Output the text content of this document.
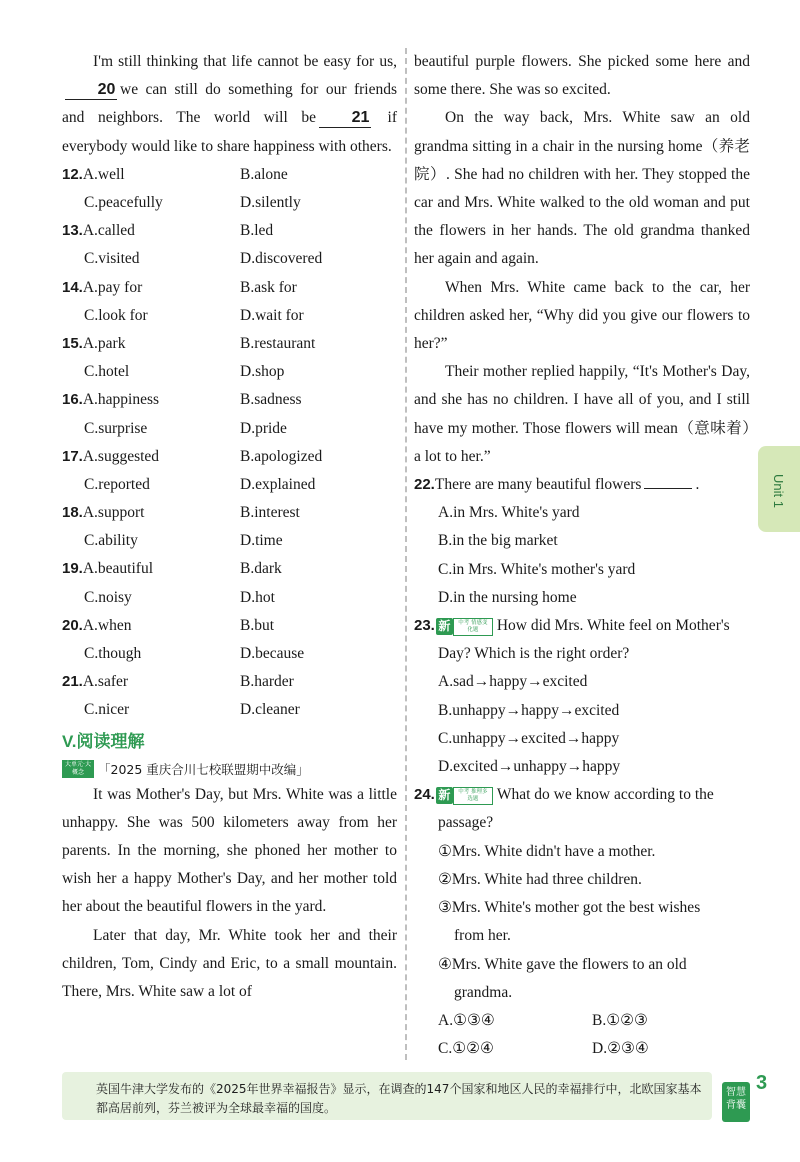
I'm still thinking that life cannot be easy for us,20 we can still do something for our friends and neighbors. The world will be 21 if everybody would like to share happiness with others.

12.A.well	B.alone
C.peacefully	D.silently
13.A.called	B.led
C.visited	D.discovered
14.A.pay for	B.ask for
C.look for	D.wait for
15.A.park	B.restaurant
C.hotel	D.shop
16.A.happiness	B.sadness
C.surprise	D.pride
17.A.suggested	B.apologized
C.reported	D.explained
18.A.support	B.interest
C.ability	D.time
19.A.beautiful	B.dark
C.noisy	D.hot
20.A.when	B.but
C.though	D.because
21.A.safer	B.harder
C.nicer	D.cleaner
V.阅读理解
大单元·大概念	「2025 重庆合川七校联盟期中改编」

It was Mother's Day, but Mrs. White was a little unhappy. She was 500 kilometers away from her parents. In the morning, she phoned her mother to wish her a happy Mother's Day, and her mother told her about the beautiful flowers in the yard.

Later that day, Mr. White took her and their children, Tom, Cindy and Eric, to a small mountain. There, Mrs. White saw a lot of

beautiful purple flowers. She picked some here and some there. She was so excited.

On the way back, Mrs. White saw an old grandma sitting in a chair in the nursing home（养老院）. She had no children with her. They stopped the car and Mrs. White walked to the old woman and put the flowers in her hands. The old grandma thanked her again and again.

When Mrs. White came back to the car, her children asked her, “Why did you give our flowers to her?”

Their mother replied happily, “It's Mother's Day, and she has no children. I have all of you, and I still have my mother. Those flowers will mean（意味着）a lot to her.”

22.There are many beautiful flowers	.
A.in Mrs. White's yard
B.in the big market
C.in Mrs. White's mother's yard
D.in the nursing home
23. 新	中考 情感变化题	How did Mrs. White feel on Mother's
Day? Which is the right order?
A.sad→happy→excited
B.unhappy→happy→excited
C.unhappy→excited→happy
D.excited→unhappy→happy
24. 新	中考 推理多选题	What do we know according to the
passage?
①Mrs. White didn't have a mother.
②Mrs. White had three children.
③Mrs. White's mother got the best wishes
from her.
④Mrs. White gave the flowers to an old
grandma.
A.①③④	B.①②③
C.①②④	D.②③④
Unit 1
英国牛津大学发布的《2025年世界幸福报告》显示，在调查的147个国家和地区人民的幸福排行中，北欧国家基本都高居前列，芬兰被评为全球最幸福的国度。
智慧背囊
3
